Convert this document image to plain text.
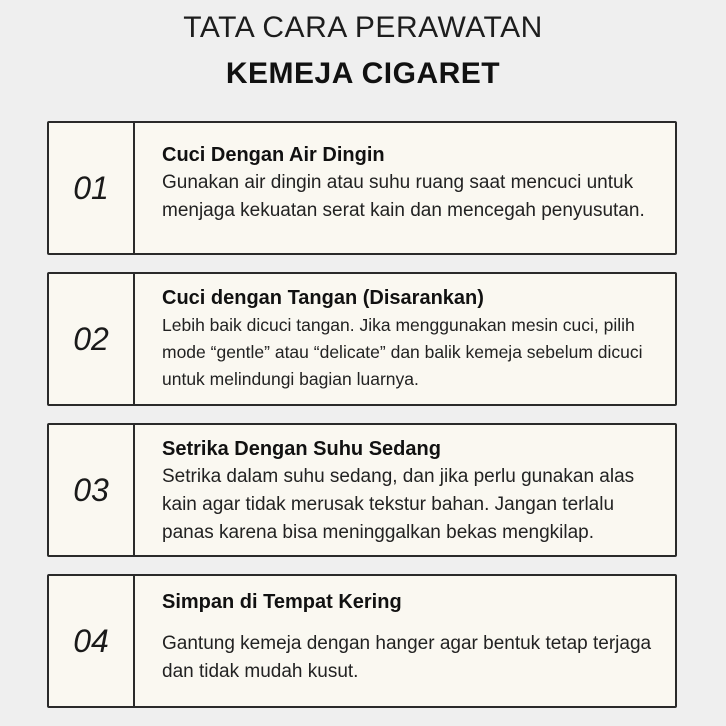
TATA CARA PERAWATAN
KEMEJA CIGARET
01
Cuci Dengan Air Dingin
Gunakan air dingin atau suhu ruang saat mencuci untuk menjaga kekuatan serat kain dan mencegah penyusutan.
02
Cuci dengan Tangan (Disarankan)
Lebih baik dicuci tangan. Jika menggunakan mesin cuci, pilih mode “gentle” atau “delicate” dan balik kemeja sebelum dicuci untuk melindungi bagian luarnya.
03
Setrika Dengan Suhu Sedang
Setrika dalam suhu sedang, dan jika perlu gunakan alas kain agar tidak merusak tekstur bahan. Jangan terlalu panas karena bisa meninggalkan bekas mengkilap.
04
Simpan di Tempat Kering
Gantung kemeja dengan hanger agar bentuk tetap terjaga dan tidak mudah kusut.
